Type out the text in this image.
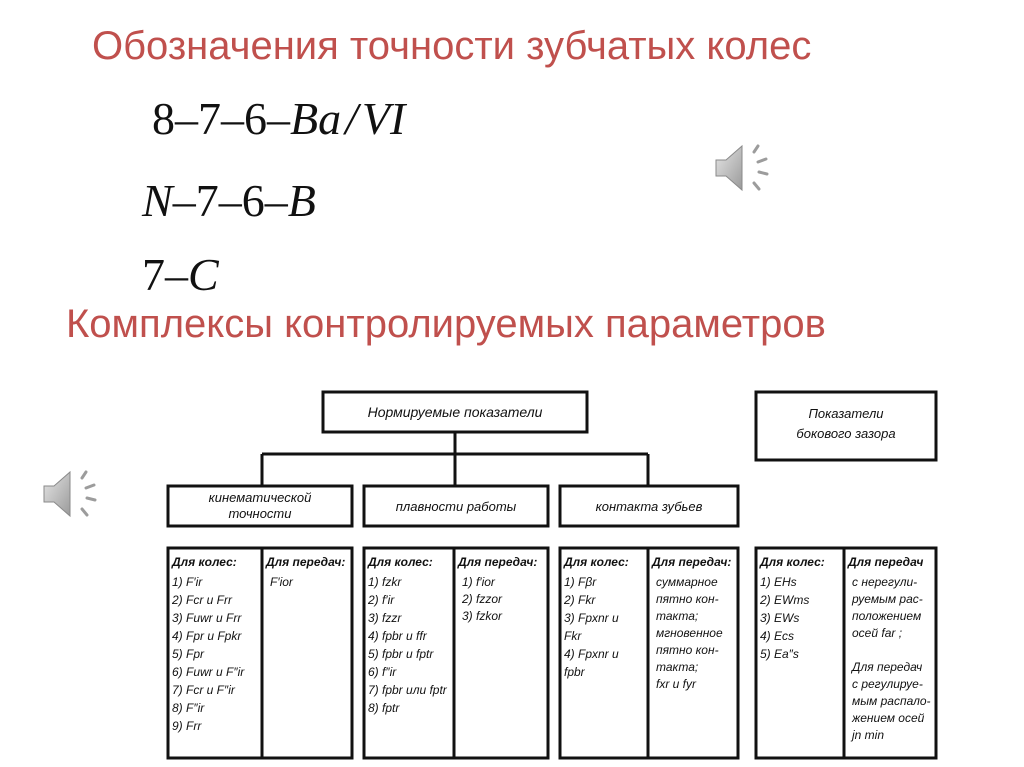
Обозначения точности зубчатых колес
8–7–6–Ba/VI
N–7–6–B
7–C
Комплексы контролируемых параметров
Нормируемые показатели	Показатели
бокового зазора
кинематической
точности	плавности работы	контакта зубьев
Для колес:
1) F′ir
2) Fcr и Frr
3) Fuwr и Frr
4) Fpr и Fpkr
5) Fpr
6) Fuwr и F″ir
7) Fcr и F″ir
8) F″ir
9) Frr
Для передач:
F′ior
Для колес:
1) fzkr
2) f′ir
3) fzzr
4) fpbr и ffr
5) fpbr и fptr
6) f″ir
7) fpbr или fptr
8) fptr
Для передач:
1) f′ior
2) fzzor
3) fzkor
Для колес:
1) Fβr
2) Fkr
3) Fpxnr и
Fkr
4) Fpxnr и
fpbr
Для передач:
суммарное
пятно кон-
такта;
мгновенное
пятно кон-
такта;
fxr и fyr
Для колес:
1) EHs
2) EWms
3) EWs
4) Ecs
5) Ea″s
Для передач
с нерегули-
руемым рас-
положением
осей far ;
Для передач
с регулируе-
мым распало-
жением осей
jn min
